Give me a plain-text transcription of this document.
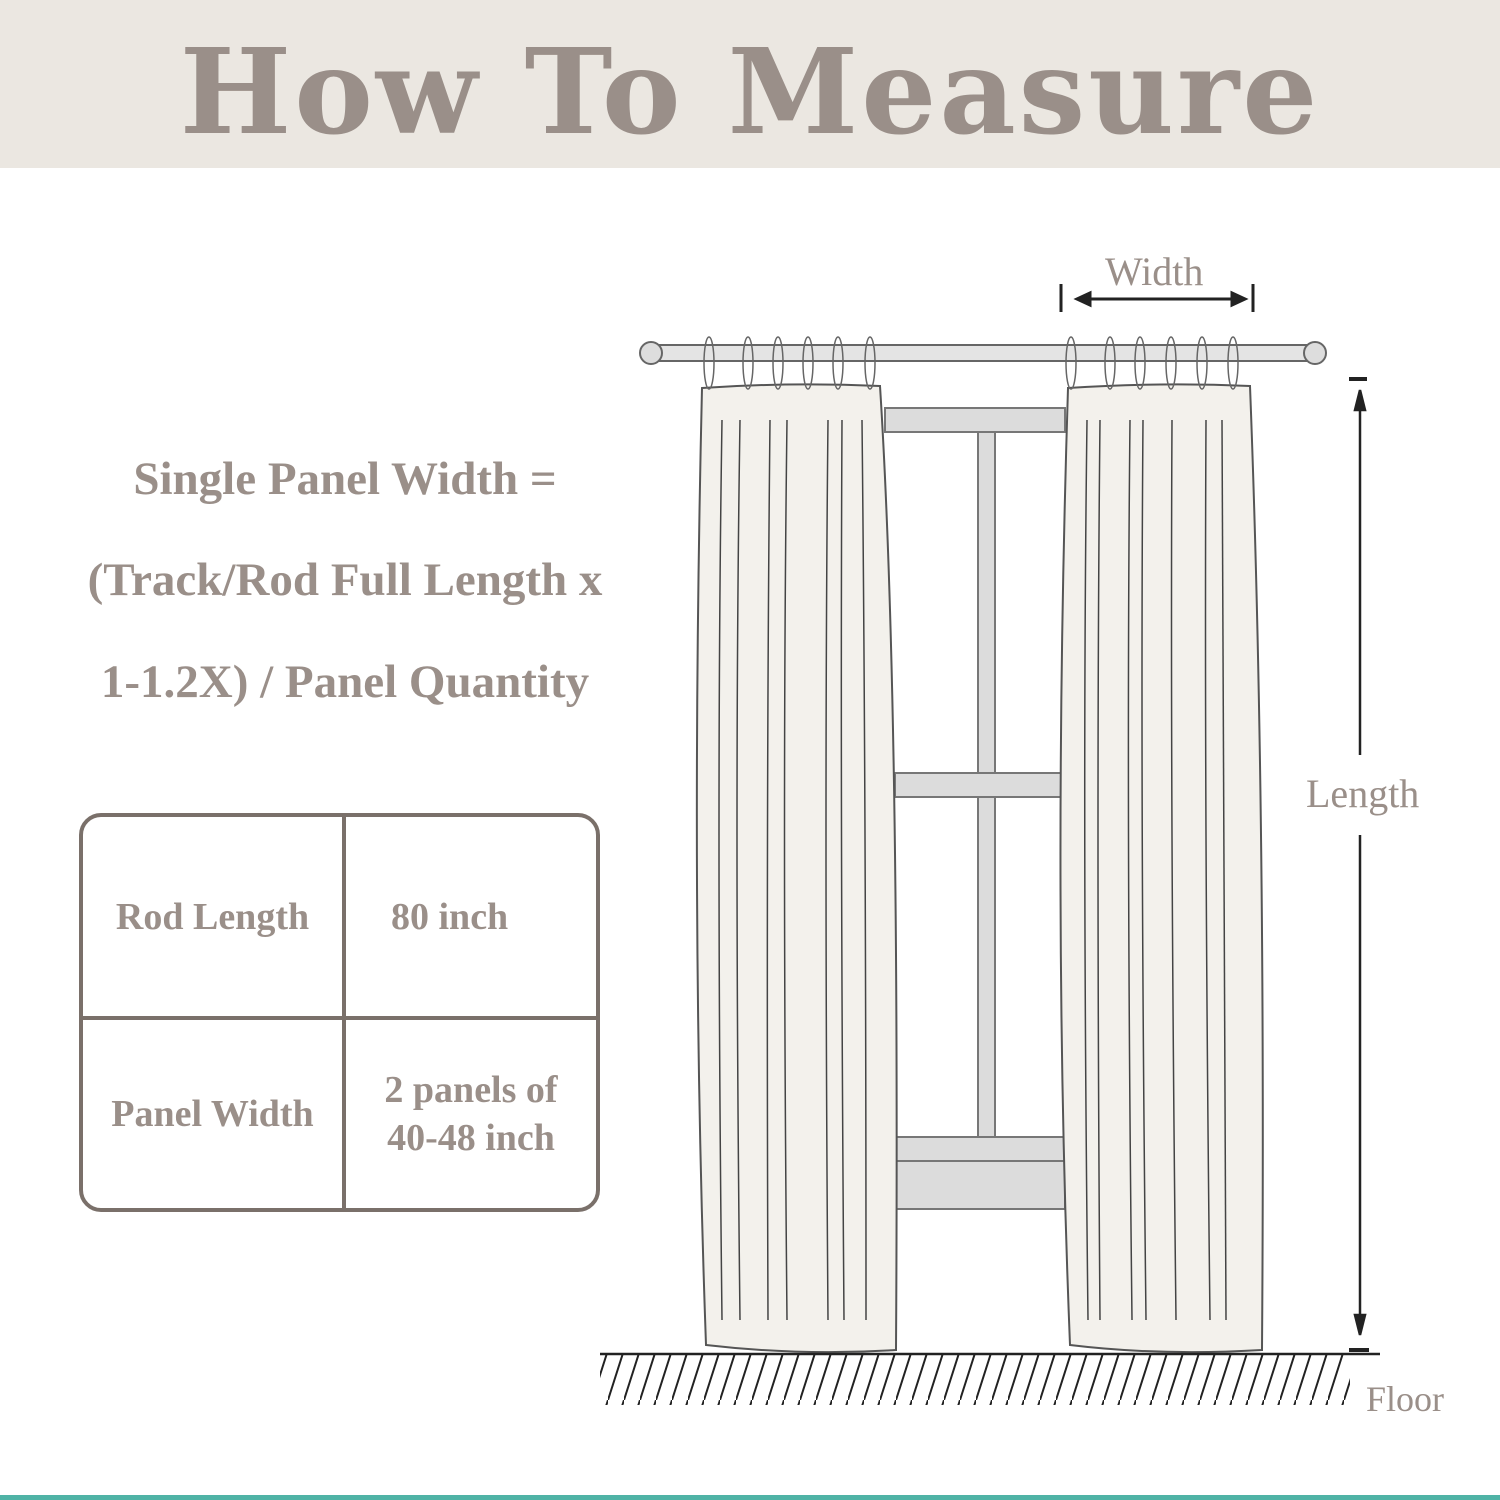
How To Measure
Single Panel Width =
(Track/Rod Full Length x
1-1.2X) / Panel Quantity
Rod Length	80 inch
Panel Width
2 panels of
40-48 inch
Width
Length
Floor
